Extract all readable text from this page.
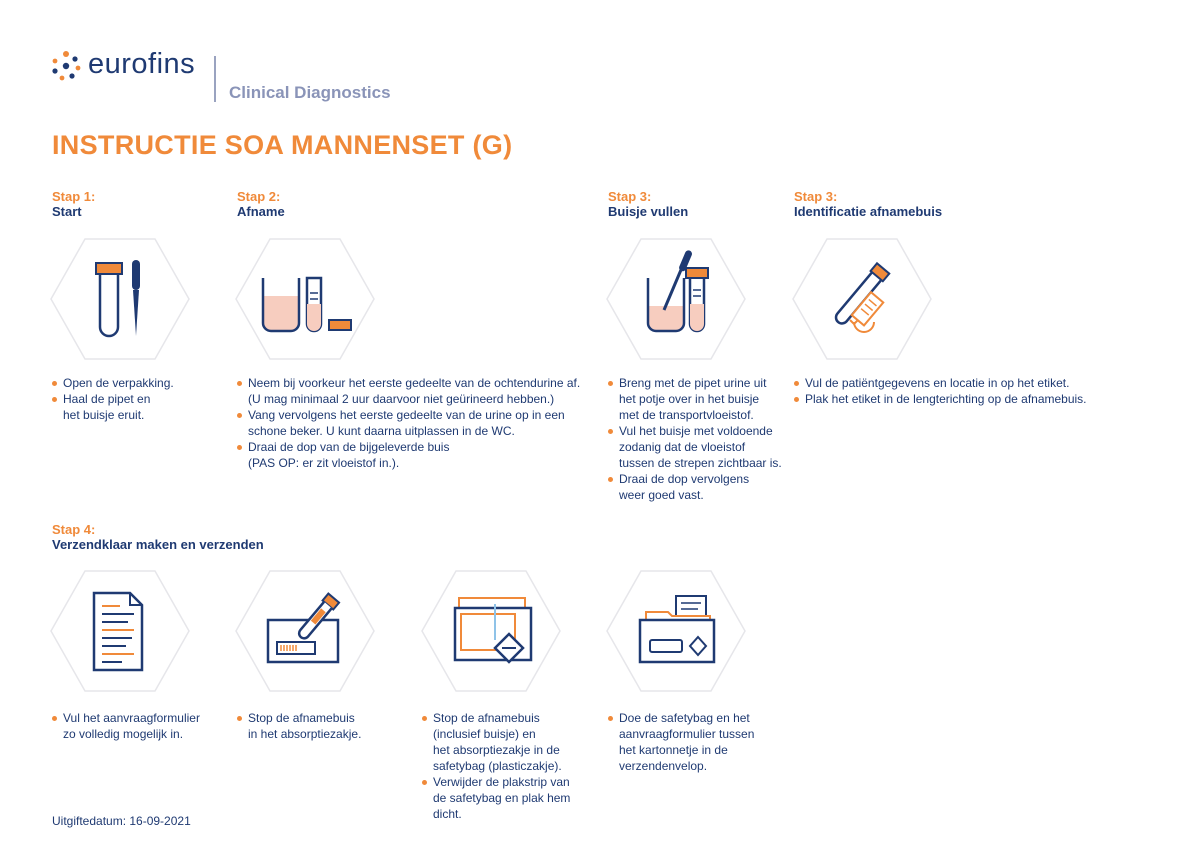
eurofins
Clinical Diagnostics
INSTRUCTIE SOA MANNENSET (G)
Stap 1:
Start
Stap 2:
Afname
Stap 3:
Buisje vullen
Stap 3:
Identificatie afnamebuis
Open de verpakking.
Haal de pipet en
het buisje eruit.
Neem bij voorkeur het eerste gedeelte van de ochtendurine af.
(U mag minimaal 2 uur daarvoor niet geürineerd hebben.)
Vang vervolgens het eerste gedeelte van de urine op in een
schone beker. U kunt daarna uitplassen in de WC.
Draai de dop van de bijgeleverde buis
(PAS OP: er zit vloeistof in.).
Breng met de pipet urine uit
het potje over in het buisje
met de transportvloeistof.
Vul het buisje met voldoende
zodanig dat de vloeistof
tussen de strepen zichtbaar is.
Draai de dop vervolgens
weer goed vast.
Vul de patiëntgegevens en locatie in op het etiket.
Plak het etiket in de lengterichting op de afnamebuis.
Stap 4:
Verzendklaar maken en verzenden
Vul het aanvraagformulier
zo volledig mogelijk in.
Stop de afnamebuis
in het absorptiezakje.
Stop de afnamebuis
(inclusief buisje) en
het absorptiezakje in de
safetybag (plasticzakje).
Verwijder de plakstrip van
de safetybag en plak hem
dicht.
Doe de safetybag en het
aanvraagformulier tussen
het kartonnetje in de
verzendenvelop.
Uitgiftedatum: 16-09-2021
